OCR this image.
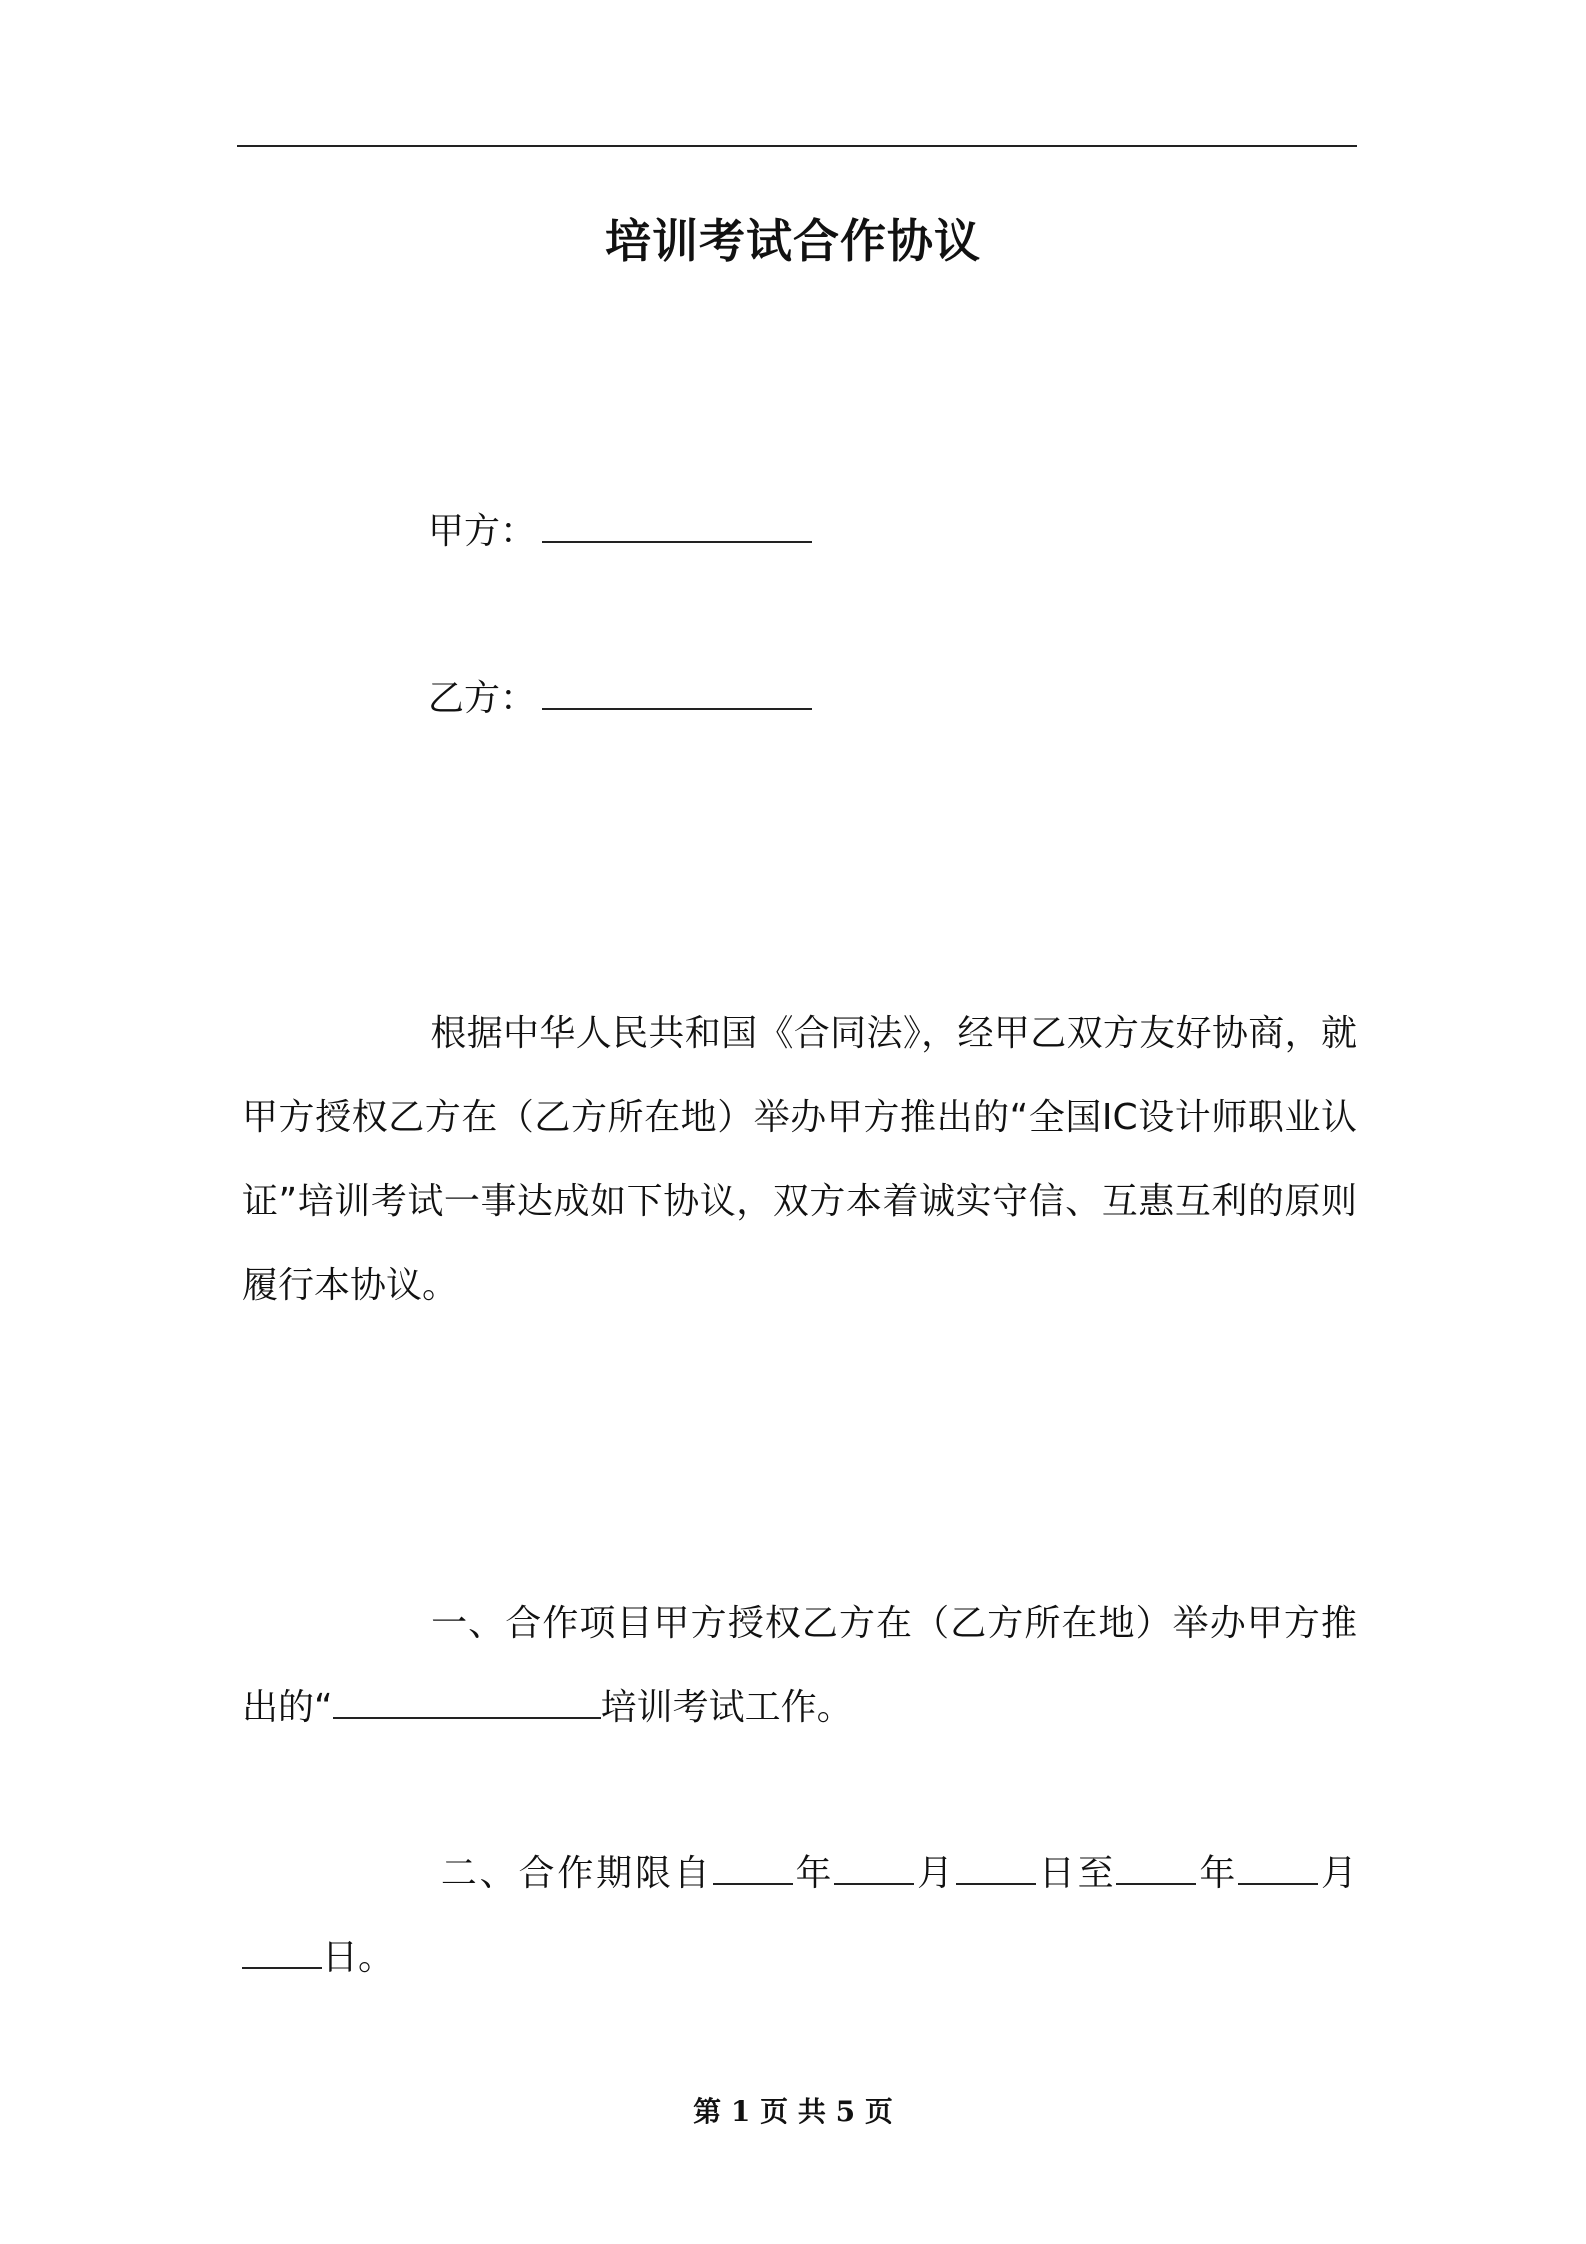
培训考试合作协议
甲方：
乙方：
根据中华人民共和国《合同法》，经甲乙双方友好协商，就甲方授权乙方在（乙方所在地）举办甲方推出的“全国IC设计师职业认证”培训考试一事达成如下协议，双方本着诚实守信、互惠互利的原则履行本协议。
一、合作项目甲方授权乙方在（乙方所在地）举办甲方推出的“	培训考试工作。
二、合作期限自 年 月 日至 年 月日。
第 1 页 共 5 页
